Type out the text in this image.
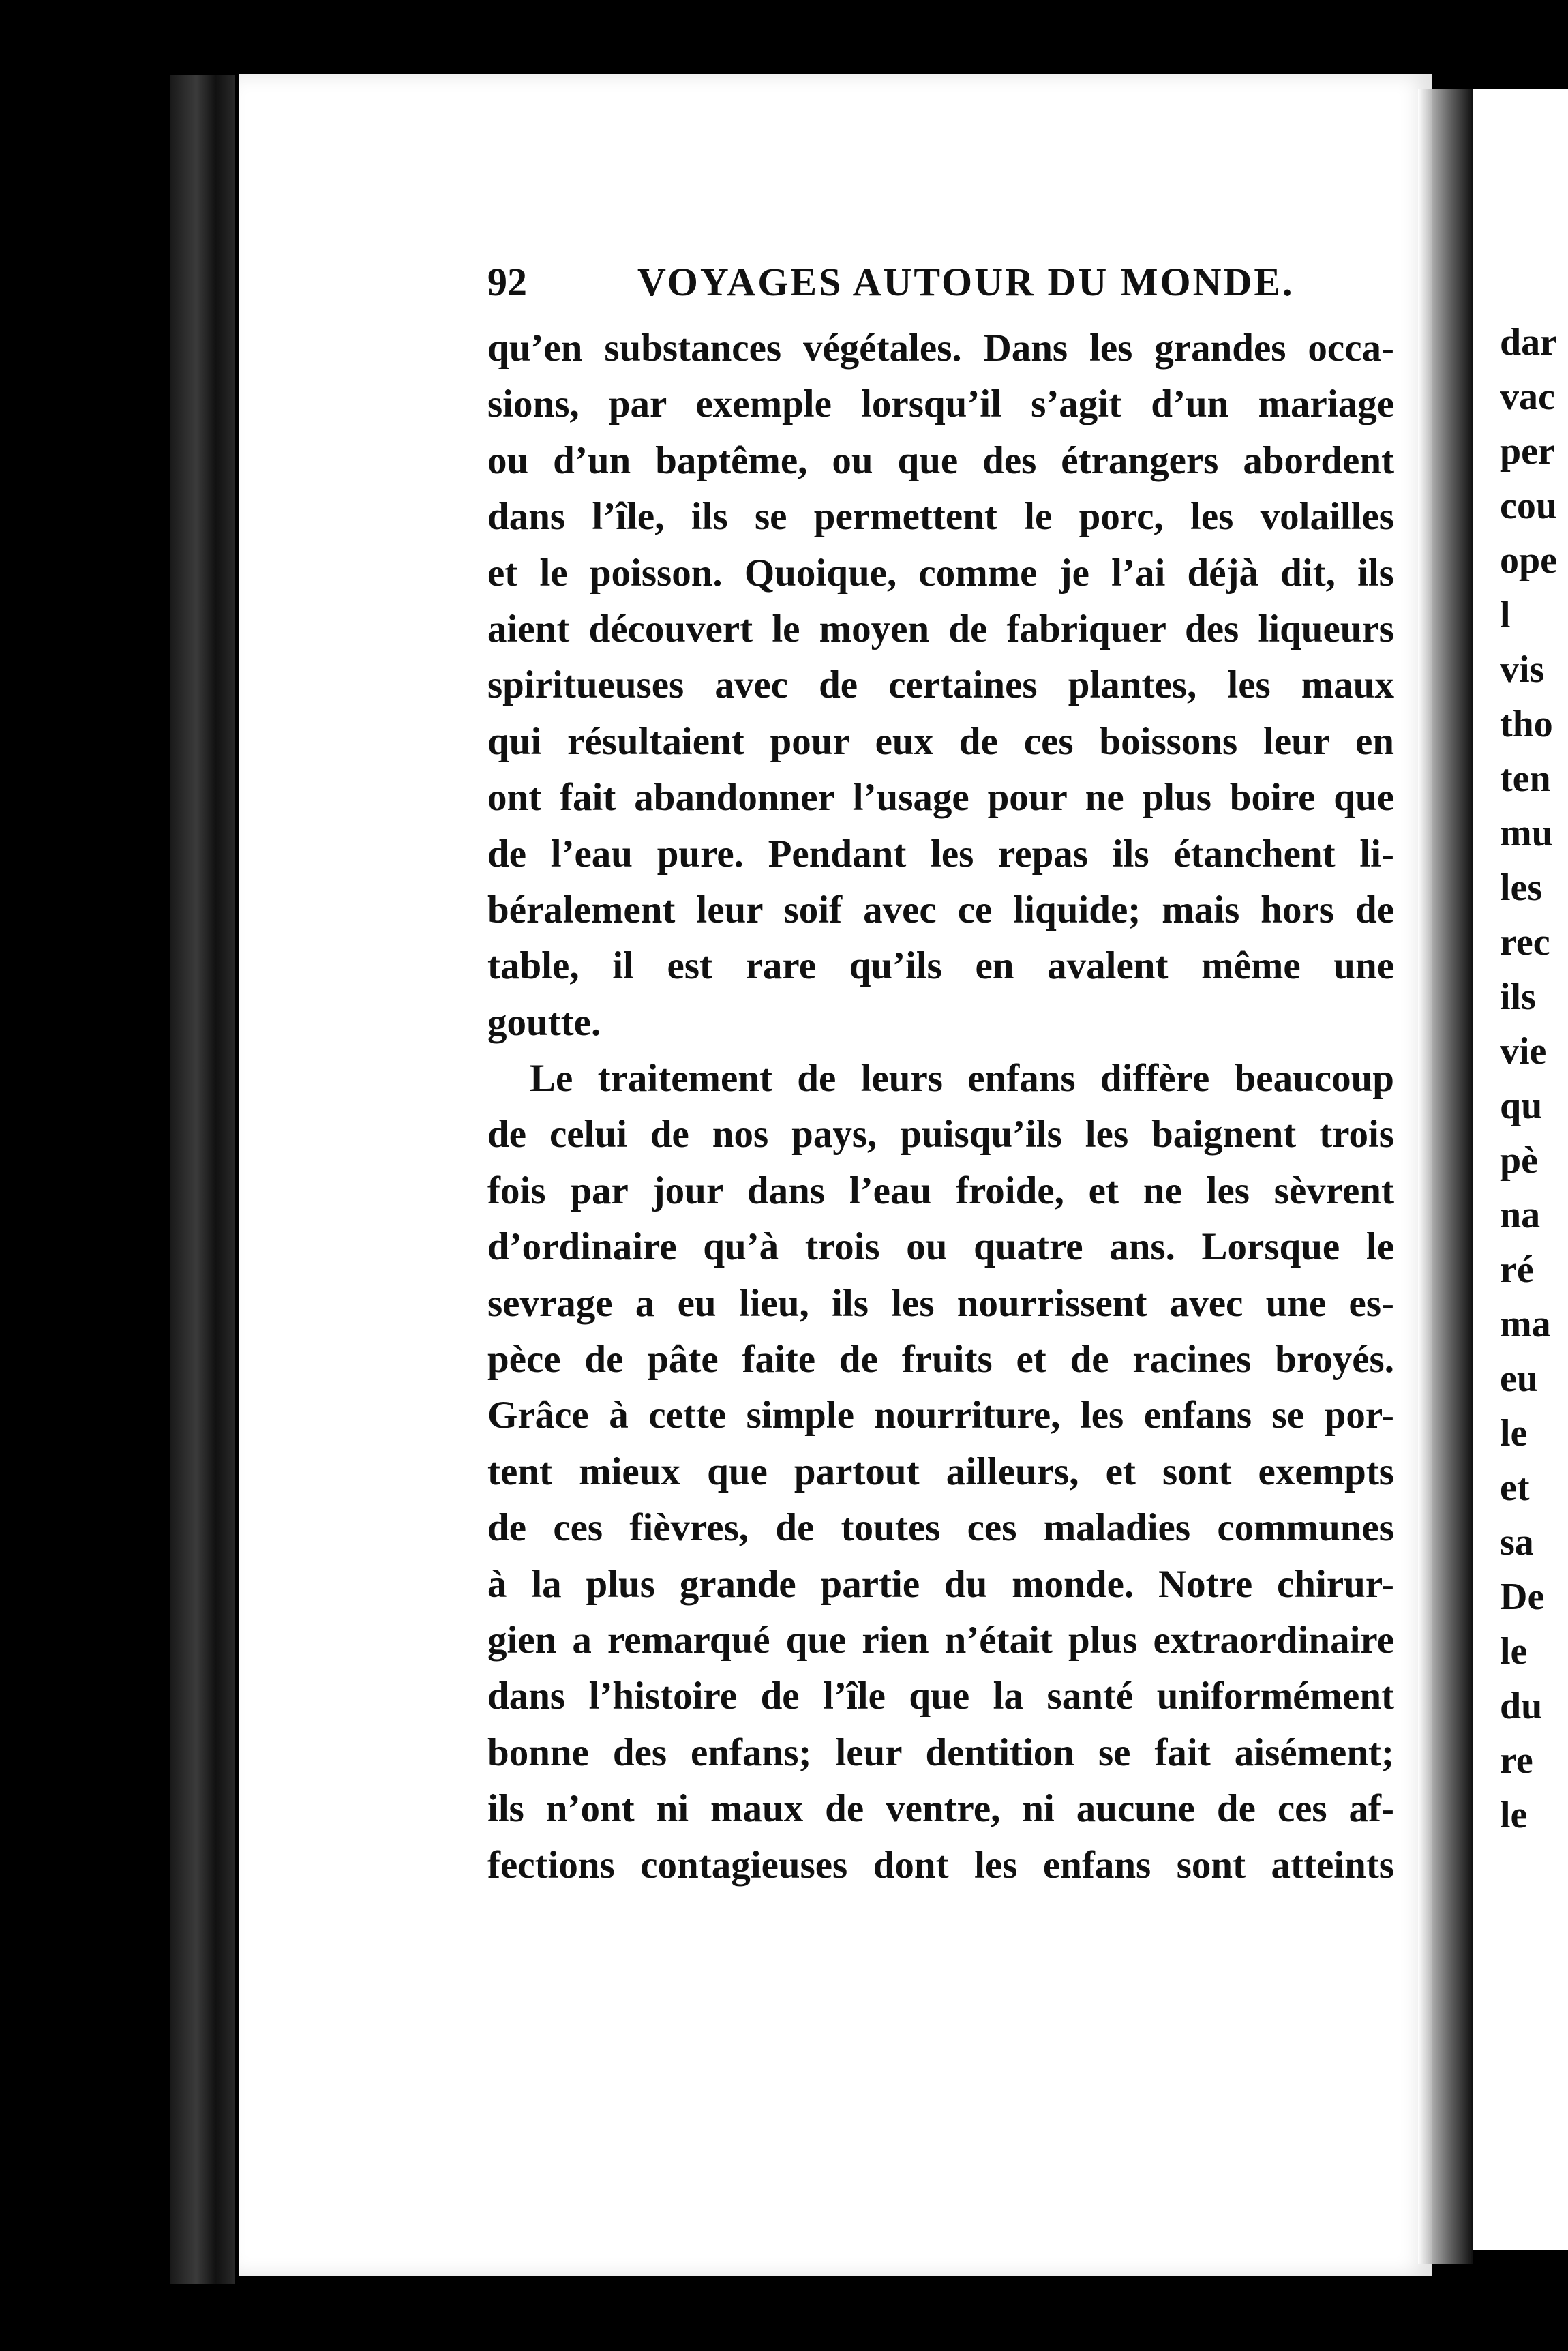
dar
vac
per
cou
ope
l
vis
tho
ten
mu
les
rec
ils
vie
qu
pè
na
ré
ma
eu
le
et
sa
De
le
du
re
le
92	VOYAGES AUTOUR DU MONDE.
qu’en substances végétales. Dans les grandes occa-
sions, par exemple lorsqu’il s’agit d’un mariage
ou d’un baptême, ou que des étrangers abordent
dans l’île, ils se permettent le porc, les volailles
et le poisson. Quoique, comme je l’ai déjà dit, ils
aient découvert le moyen de fabriquer des liqueurs
spiritueuses avec de certaines plantes, les maux
qui résultaient pour eux de ces boissons leur en
ont fait abandonner l’usage pour ne plus boire que
de l’eau pure. Pendant les repas ils étanchent li-
béralement leur soif avec ce liquide; mais hors de
table, il est rare qu’ils en avalent même une
goutte.
Le traitement de leurs enfans diffère beaucoup
de celui de nos pays, puisqu’ils les baignent trois
fois par jour dans l’eau froide, et ne les sèvrent
d’ordinaire qu’à trois ou quatre ans. Lorsque le
sevrage a eu lieu, ils les nourrissent avec une es-
pèce de pâte faite de fruits et de racines broyés.
Grâce à cette simple nourriture, les enfans se por-
tent mieux que partout ailleurs, et sont exempts
de ces fièvres, de toutes ces maladies communes
à la plus grande partie du monde. Notre chirur-
gien a remarqué que rien n’était plus extraordinaire
dans l’histoire de l’île que la santé uniformément
bonne des enfans; leur dentition se fait aisément;
ils n’ont ni maux de ventre, ni aucune de ces af-
fections contagieuses dont les enfans sont atteints
